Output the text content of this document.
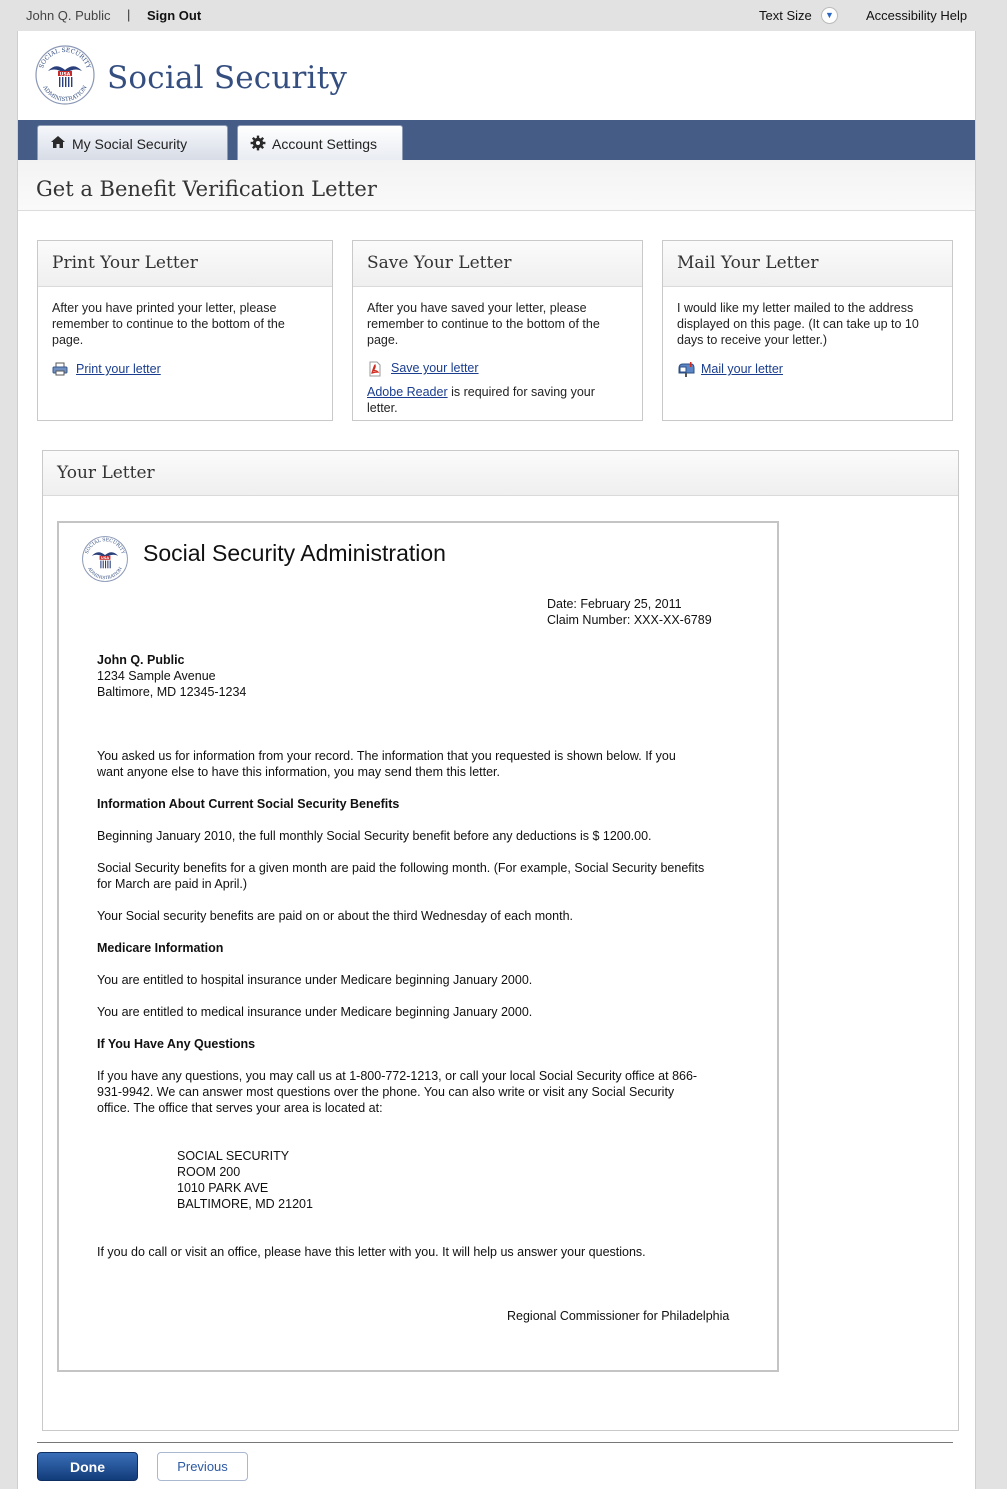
John Q. Public | Sign Out	Text Size	▼	Accessibility Help
SOCIAL SECURITY
ADMINISTRATION
USA Social Security
My Social Security	Account Settings
Get a Benefit Verification Letter
Print Your Letter
After you have printed your letter, please remember to continue to the bottom of the page.
Print your letter
Save Your Letter
After you have saved your letter, please remember to continue to the bottom of the page.
Save your letter
Adobe Reader is required for saving your letter.
Mail Your Letter
I would like my letter mailed to the address displayed on this page. (It can take up to 10 days to receive your letter.)
Mail your letter
Your Letter
SOCIAL SECURITY
ADMINISTRATION
USA Social Security Administration
Date: February 25, 2011
Claim Number: XXX-XX-6789
John Q. Public
1234 Sample Avenue
Baltimore, MD 12345-1234
You asked us for information from your record. The information that you requested is shown below. If you
want anyone else to have this information, you may send them this letter.
Information About Current Social Security Benefits
Beginning January 2010, the full monthly Social Security benefit before any deductions is $ 1200.00.
Social Security benefits for a given month are paid the following month. (For example, Social Security benefits
for March are paid in April.)
Your Social security benefits are paid on or about the third Wednesday of each month.
Medicare Information
You are entitled to hospital insurance under Medicare beginning January 2000.
You are entitled to medical insurance under Medicare beginning January 2000.
If You Have Any Questions
If you have any questions, you may call us at 1-800-772-1213, or call your local Social Security office at 866-
931-9942. We can answer most questions over the phone. You can also write or visit any Social Security
office. The office that serves your area is located at:
SOCIAL SECURITY
ROOM 200
1010 PARK AVE
BALTIMORE, MD 21201
If you do call or visit an office, please have this letter with you. It will help us answer your questions.
Regional Commissioner for Philadelphia
Done	Previous
